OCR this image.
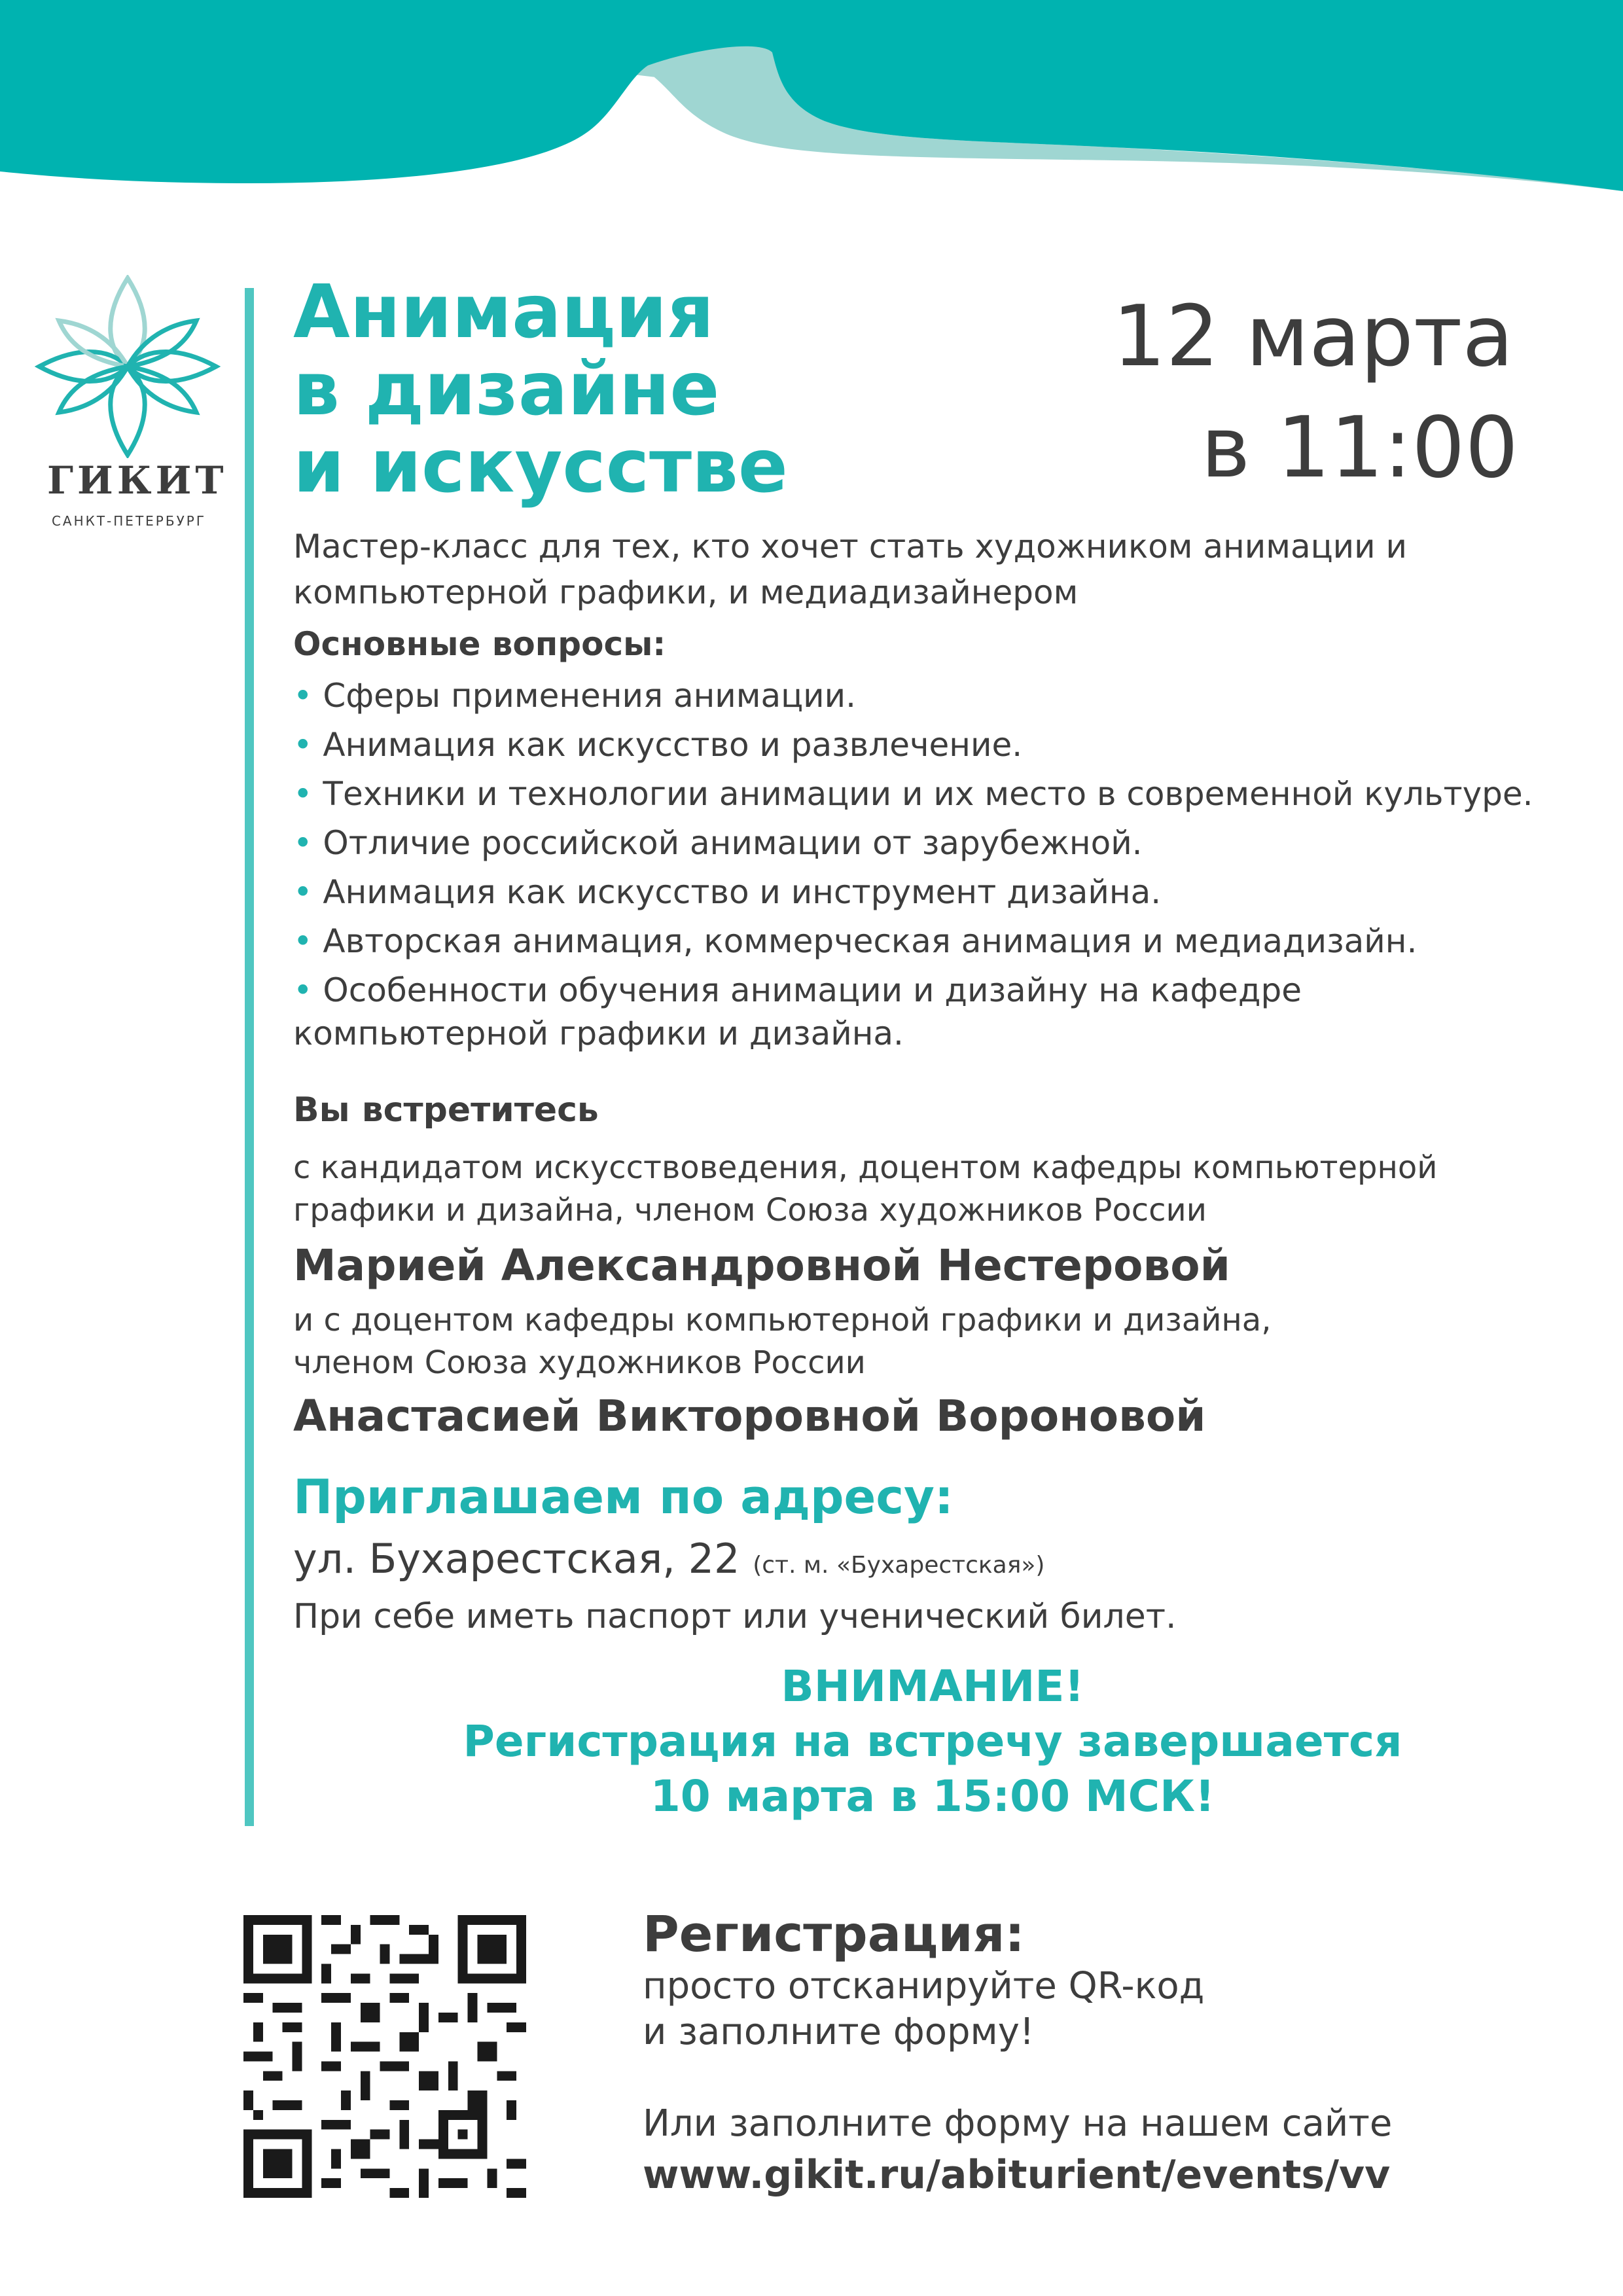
ГИКИТ
САНКТ-ПЕТЕРБУРГ
Анимация
в дизайне
и искусстве
12 марта
в 11:00

Мастер-класс для тех, кто хочет стать художником анимации и
компьютерной графики, и медиадизайнером

Основные вопросы:
• Сферы применения анимации.
• Анимация как искусство и развлечение.
• Техники и технологии анимации и их место в современной культуре.
• Отличие российской анимации от зарубежной.
• Анимация как искусство и инструмент дизайна.
• Авторская анимация, коммерческая анимация и медиадизайн.
• Особенности обучения анимации и дизайну на кафедре
компьютерной графики и дизайна.
Вы встретитесь

с кандидатом искусствоведения, доцентом кафедры компьютерной
графики и дизайна, членом Союза художников России

Марией Александровной Нестеровой

и с доцентом кафедры компьютерной графики и дизайна,
членом Союза художников России

Анастасией Викторовной Вороновой
Приглашаем по адресу:
ул. Бухарестская, 22 (ст. м. «Бухарестская»)
При себе иметь паспорт или ученический билет.
ВНИМАНИЕ!
Регистрация на встречу завершается
10 марта в 15:00 МСК!
Регистрация:

просто отсканируйте QR-код
и заполните форму!

Или заполните форму на нашем сайте
www.gikit.ru/abiturient/events/vv
